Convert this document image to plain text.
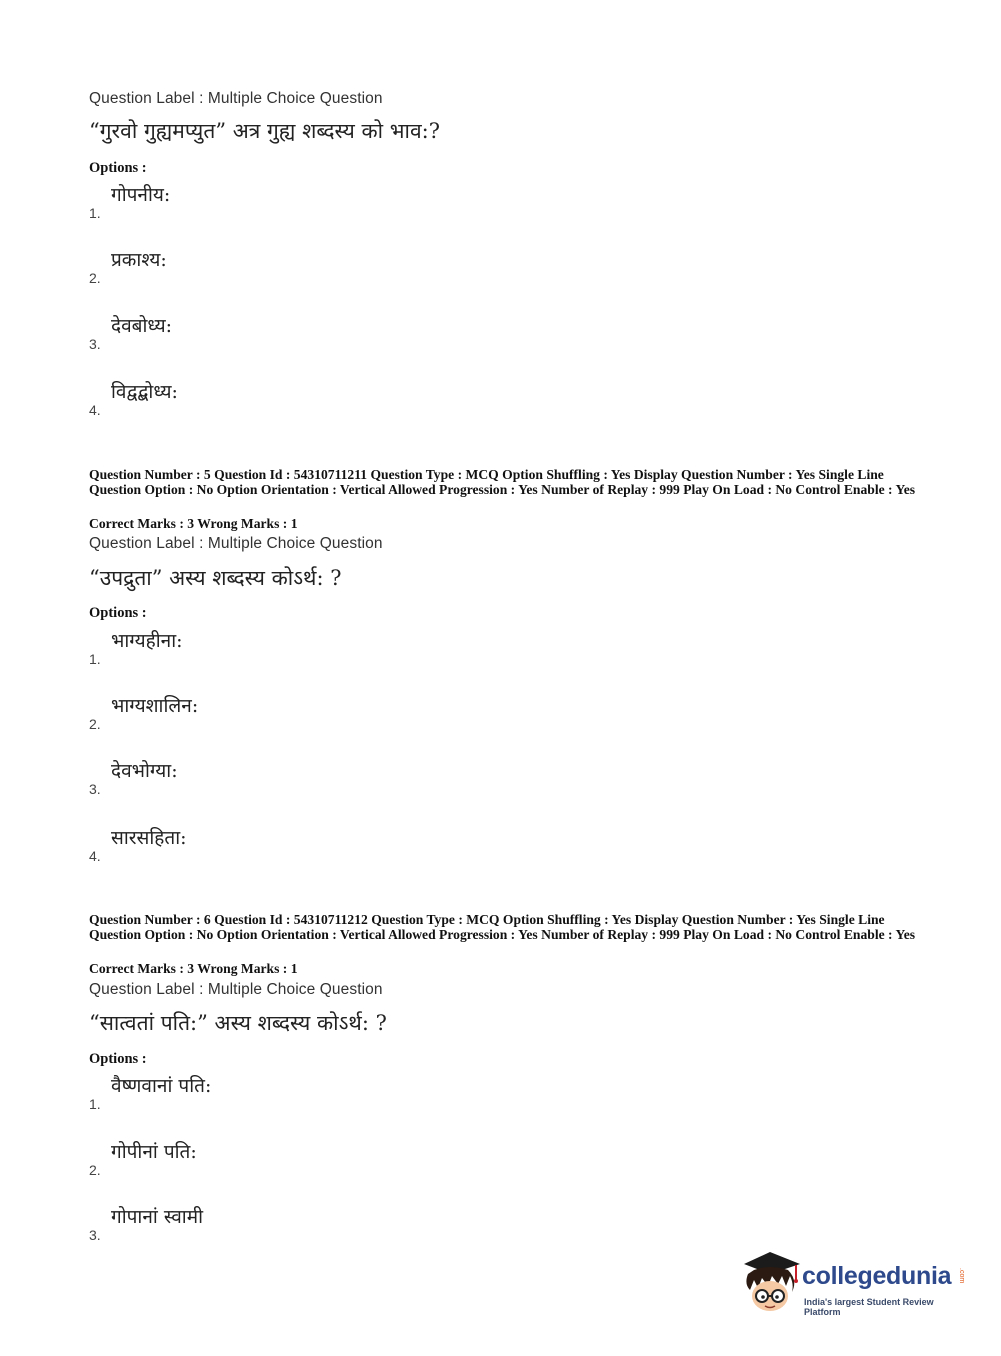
Question Label : Multiple Choice Question
“गुरवो गुह्यमप्युत” अत्र गुह्य शब्दस्य को भाव:?
Options :
1.
गोपनीय:
2.
प्रकाश्य:
3.
देवबोध्य:
4.
विद्वद्बोध्य:
Question Number : 5 Question Id : 54310711211 Question Type : MCQ Option Shuffling : Yes Display Question Number : Yes Single Line Question Option : No Option Orientation : Vertical Allowed Progression : Yes Number of Replay : 999 Play On Load : No Control Enable : Yes
Correct Marks : 3 Wrong Marks : 1
Question Label : Multiple Choice Question
“उपद्रुता” अस्य शब्दस्य कोऽर्थ: ?
Options :
1.
भाग्यहीना:
2.
भाग्यशालिन:
3.
देवभोग्या:
4.
सारसहिता:
Question Number : 6 Question Id : 54310711212 Question Type : MCQ Option Shuffling : Yes Display Question Number : Yes Single Line Question Option : No Option Orientation : Vertical Allowed Progression : Yes Number of Replay : 999 Play On Load : No Control Enable : Yes
Correct Marks : 3 Wrong Marks : 1
Question Label : Multiple Choice Question
“सात्वतां पति:” अस्य शब्दस्य कोऽर्थ: ?
Options :
1.
वैष्णवानां पति:
2.
गोपीनां पति:
3.
गोपानां स्वामी
collegedunia .com
India's largest Student Review Platform
